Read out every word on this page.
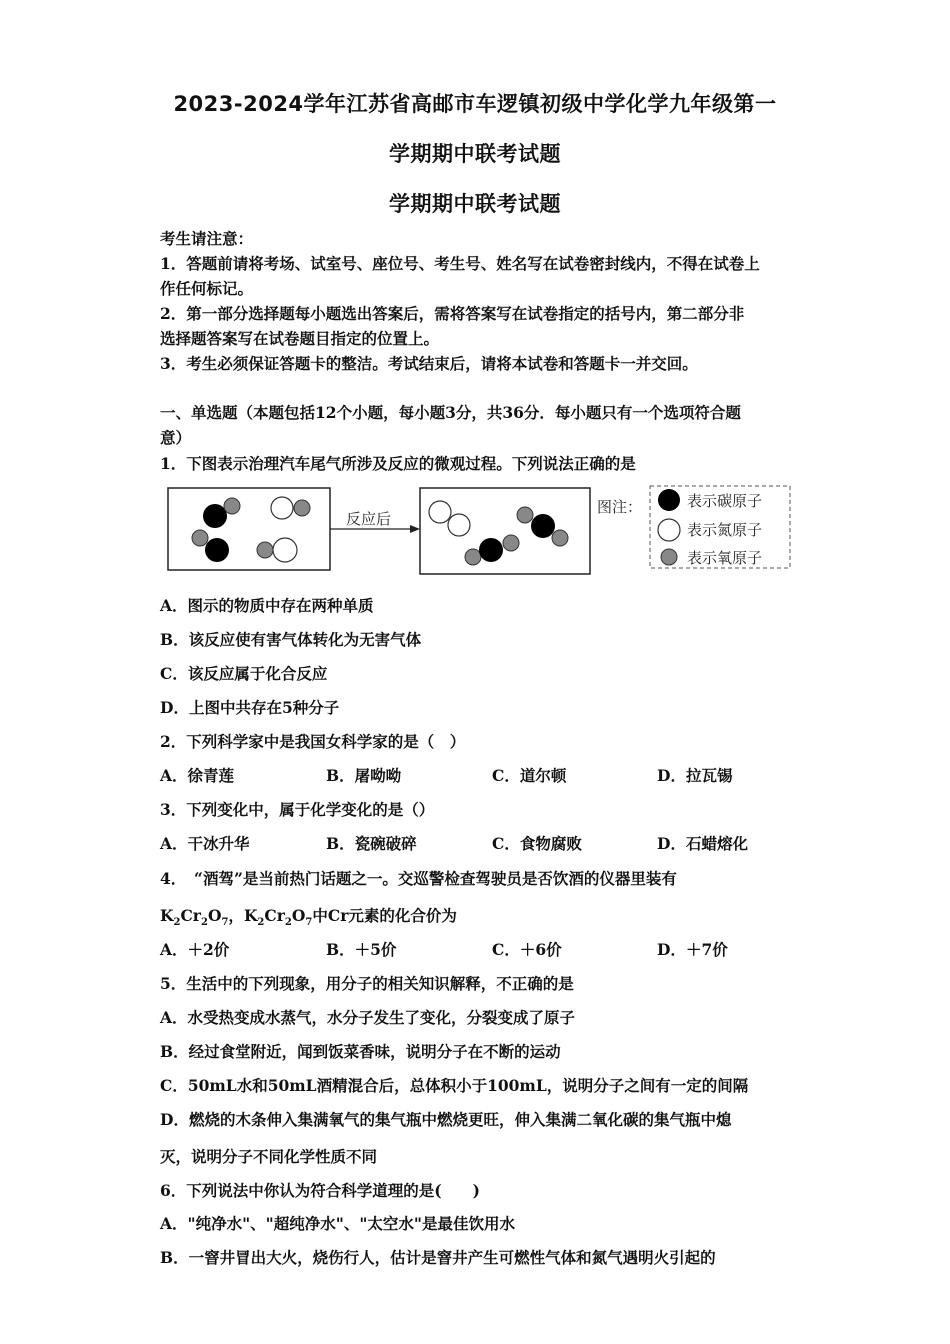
2023-2024学年江苏省高邮市车逻镇初级中学化学九年级第一
学期期中联考试题
学期期中联考试题
考生请注意：
1．答题前请将考场、试室号、座位号、考生号、姓名写在试卷密封线内，不得在试卷上
作任何标记。
2．第一部分选择题每小题选出答案后，需将答案写在试卷指定的括号内，第二部分非
选择题答案写在试卷题目指定的位置上。
3．考生必须保证答题卡的整洁。考试结束后，请将本试卷和答题卡一并交回。
一、单选题（本题包括12个小题，每小题3分，共36分．每小题只有一个选项符合题
意）
1．下图表示治理汽车尾气所涉及反应的微观过程。下列说法正确的是
反应后
图注：	表示碳原子
表示氮原子
表示氧原子
A．图示的物质中存在两种单质
B．该反应使有害气体转化为无害气体
C．该反应属于化合反应
D．上图中共存在5种分子
2．下列科学家中是我国女科学家的是（　）
A．徐青莲	B．屠呦呦	C．道尔顿	D．拉瓦锡
3．下列变化中，属于化学变化的是（）
A．干冰升华	B．瓷碗破碎	C．食物腐败	D．石蜡熔化
4．　“酒驾”是当前热门话题之一。交巡警检查驾驶员是否饮酒的仪器里装有
$K_2Cr_2O_7$，$K_2Cr_2O_7$中Cr元素的化合价为
A．＋2价	B．＋5价	C．＋6价	D．＋7价
5．生活中的下列现象，用分子的相关知识解释，不正确的是
A．水受热变成水蒸气，水分子发生了变化，分裂变成了原子
B．经过食堂附近，闻到饭菜香味，说明分子在不断的运动
C．50mL水和50mL酒精混合后，总体积小于100mL，说明分子之间有一定的间隔
D．燃烧的木条伸入集满氧气的集气瓶中燃烧更旺，伸入集满二氧化碳的集气瓶中熄
灭，说明分子不同化学性质不同
6．下列说法中你认为符合科学道理的是(　　)
A．"纯净水"、"超纯净水"、"太空水"是最佳饮用水
B．一窨井冒出大火，烧伤行人，估计是窨井产生可燃性气体和氮气遇明火引起的
